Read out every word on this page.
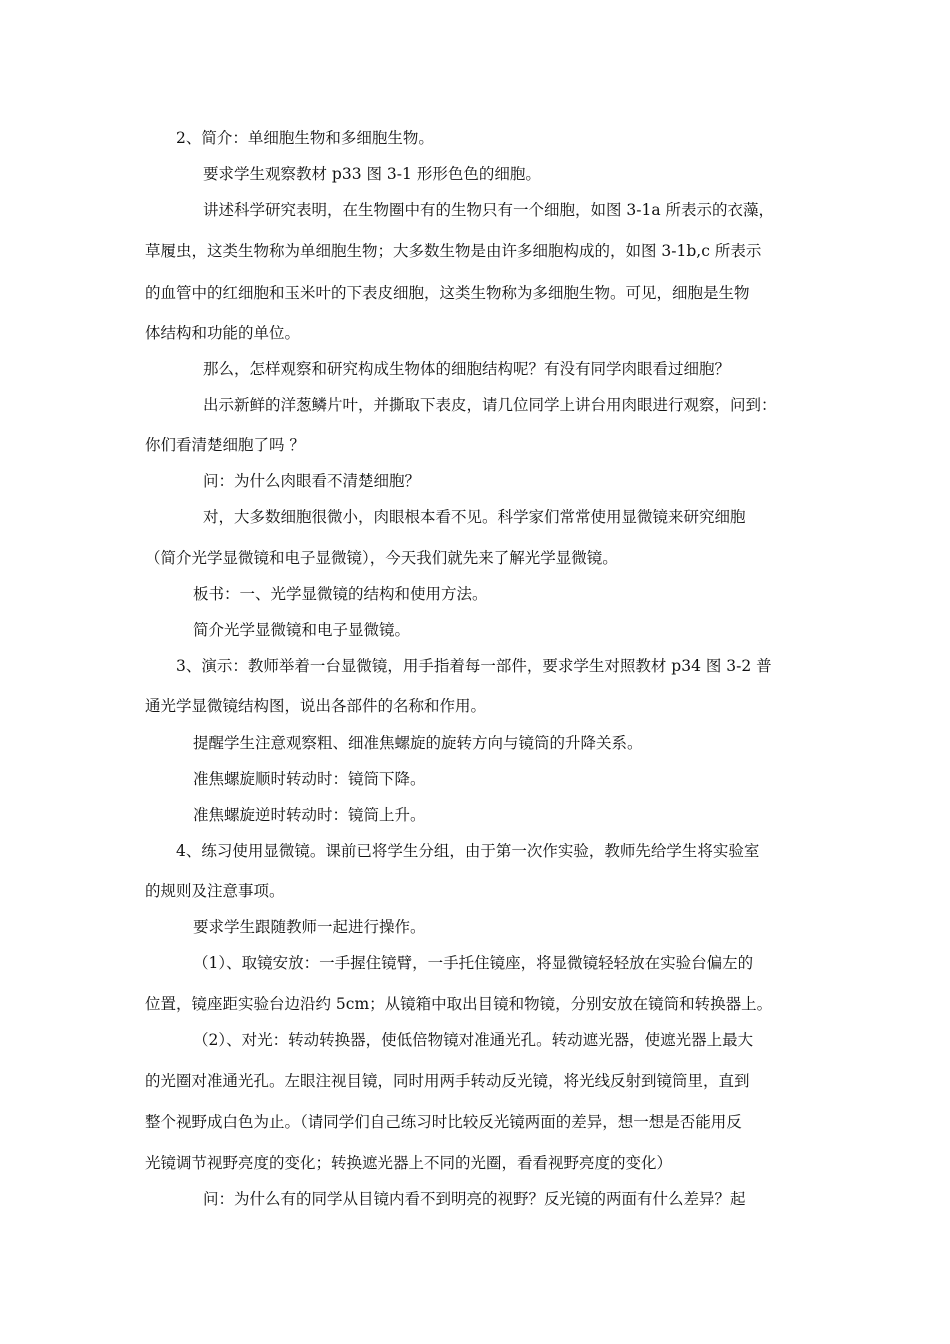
2、简介：单细胞生物和多细胞生物。
要求学生观察教材 p33 图 3-1 形形色色的细胞。
讲述科学研究表明，在生物圈中有的生物只有一个细胞，如图 3-1a 所表示的衣藻，
草履虫，这类生物称为单细胞生物；大多数生物是由许多细胞构成的，如图 3-1b,c 所表示
的血管中的红细胞和玉米叶的下表皮细胞，这类生物称为多细胞生物。可见，细胞是生物
体结构和功能的单位。
那么，怎样观察和研究构成生物体的细胞结构呢？有没有同学肉眼看过细胞？
出示新鲜的洋葱鳞片叶，并撕取下表皮，请几位同学上讲台用肉眼进行观察，问到：
你们看清楚细胞了吗 ？
问：为什么肉眼看不清楚细胞？
对，大多数细胞很微小，肉眼根本看不见。科学家们常常使用显微镜来研究细胞
（简介光学显微镜和电子显微镜），今天我们就先来了解光学显微镜。
板书：一、光学显微镜的结构和使用方法。
简介光学显微镜和电子显微镜。
3、演示：教师举着一台显微镜，用手指着每一部件，要求学生对照教材 p34 图 3-2 普
通光学显微镜结构图，说出各部件的名称和作用。
提醒学生注意观察粗、细准焦螺旋的旋转方向与镜筒的升降关系。
准焦螺旋顺时转动时：镜筒下降。
准焦螺旋逆时转动时：镜筒上升。
4、练习使用显微镜。课前已将学生分组，由于第一次作实验，教师先给学生将实验室
的规则及注意事项。
要求学生跟随教师一起进行操作。
（1）、取镜安放：一手握住镜臂，一手托住镜座，将显微镜轻轻放在实验台偏左的
位置，镜座距实验台边沿约 5cm；从镜箱中取出目镜和物镜，分别安放在镜筒和转换器上。
（2）、对光：转动转换器，使低倍物镜对准通光孔。转动遮光器，使遮光器上最大
的光圈对准通光孔。左眼注视目镜，同时用两手转动反光镜，将光线反射到镜筒里，直到
整个视野成白色为止。（请同学们自己练习时比较反光镜两面的差异，想一想是否能用反
光镜调节视野亮度的变化；转换遮光器上不同的光圈，看看视野亮度的变化）
问：为什么有的同学从目镜内看不到明亮的视野？反光镜的两面有什么差异？起
